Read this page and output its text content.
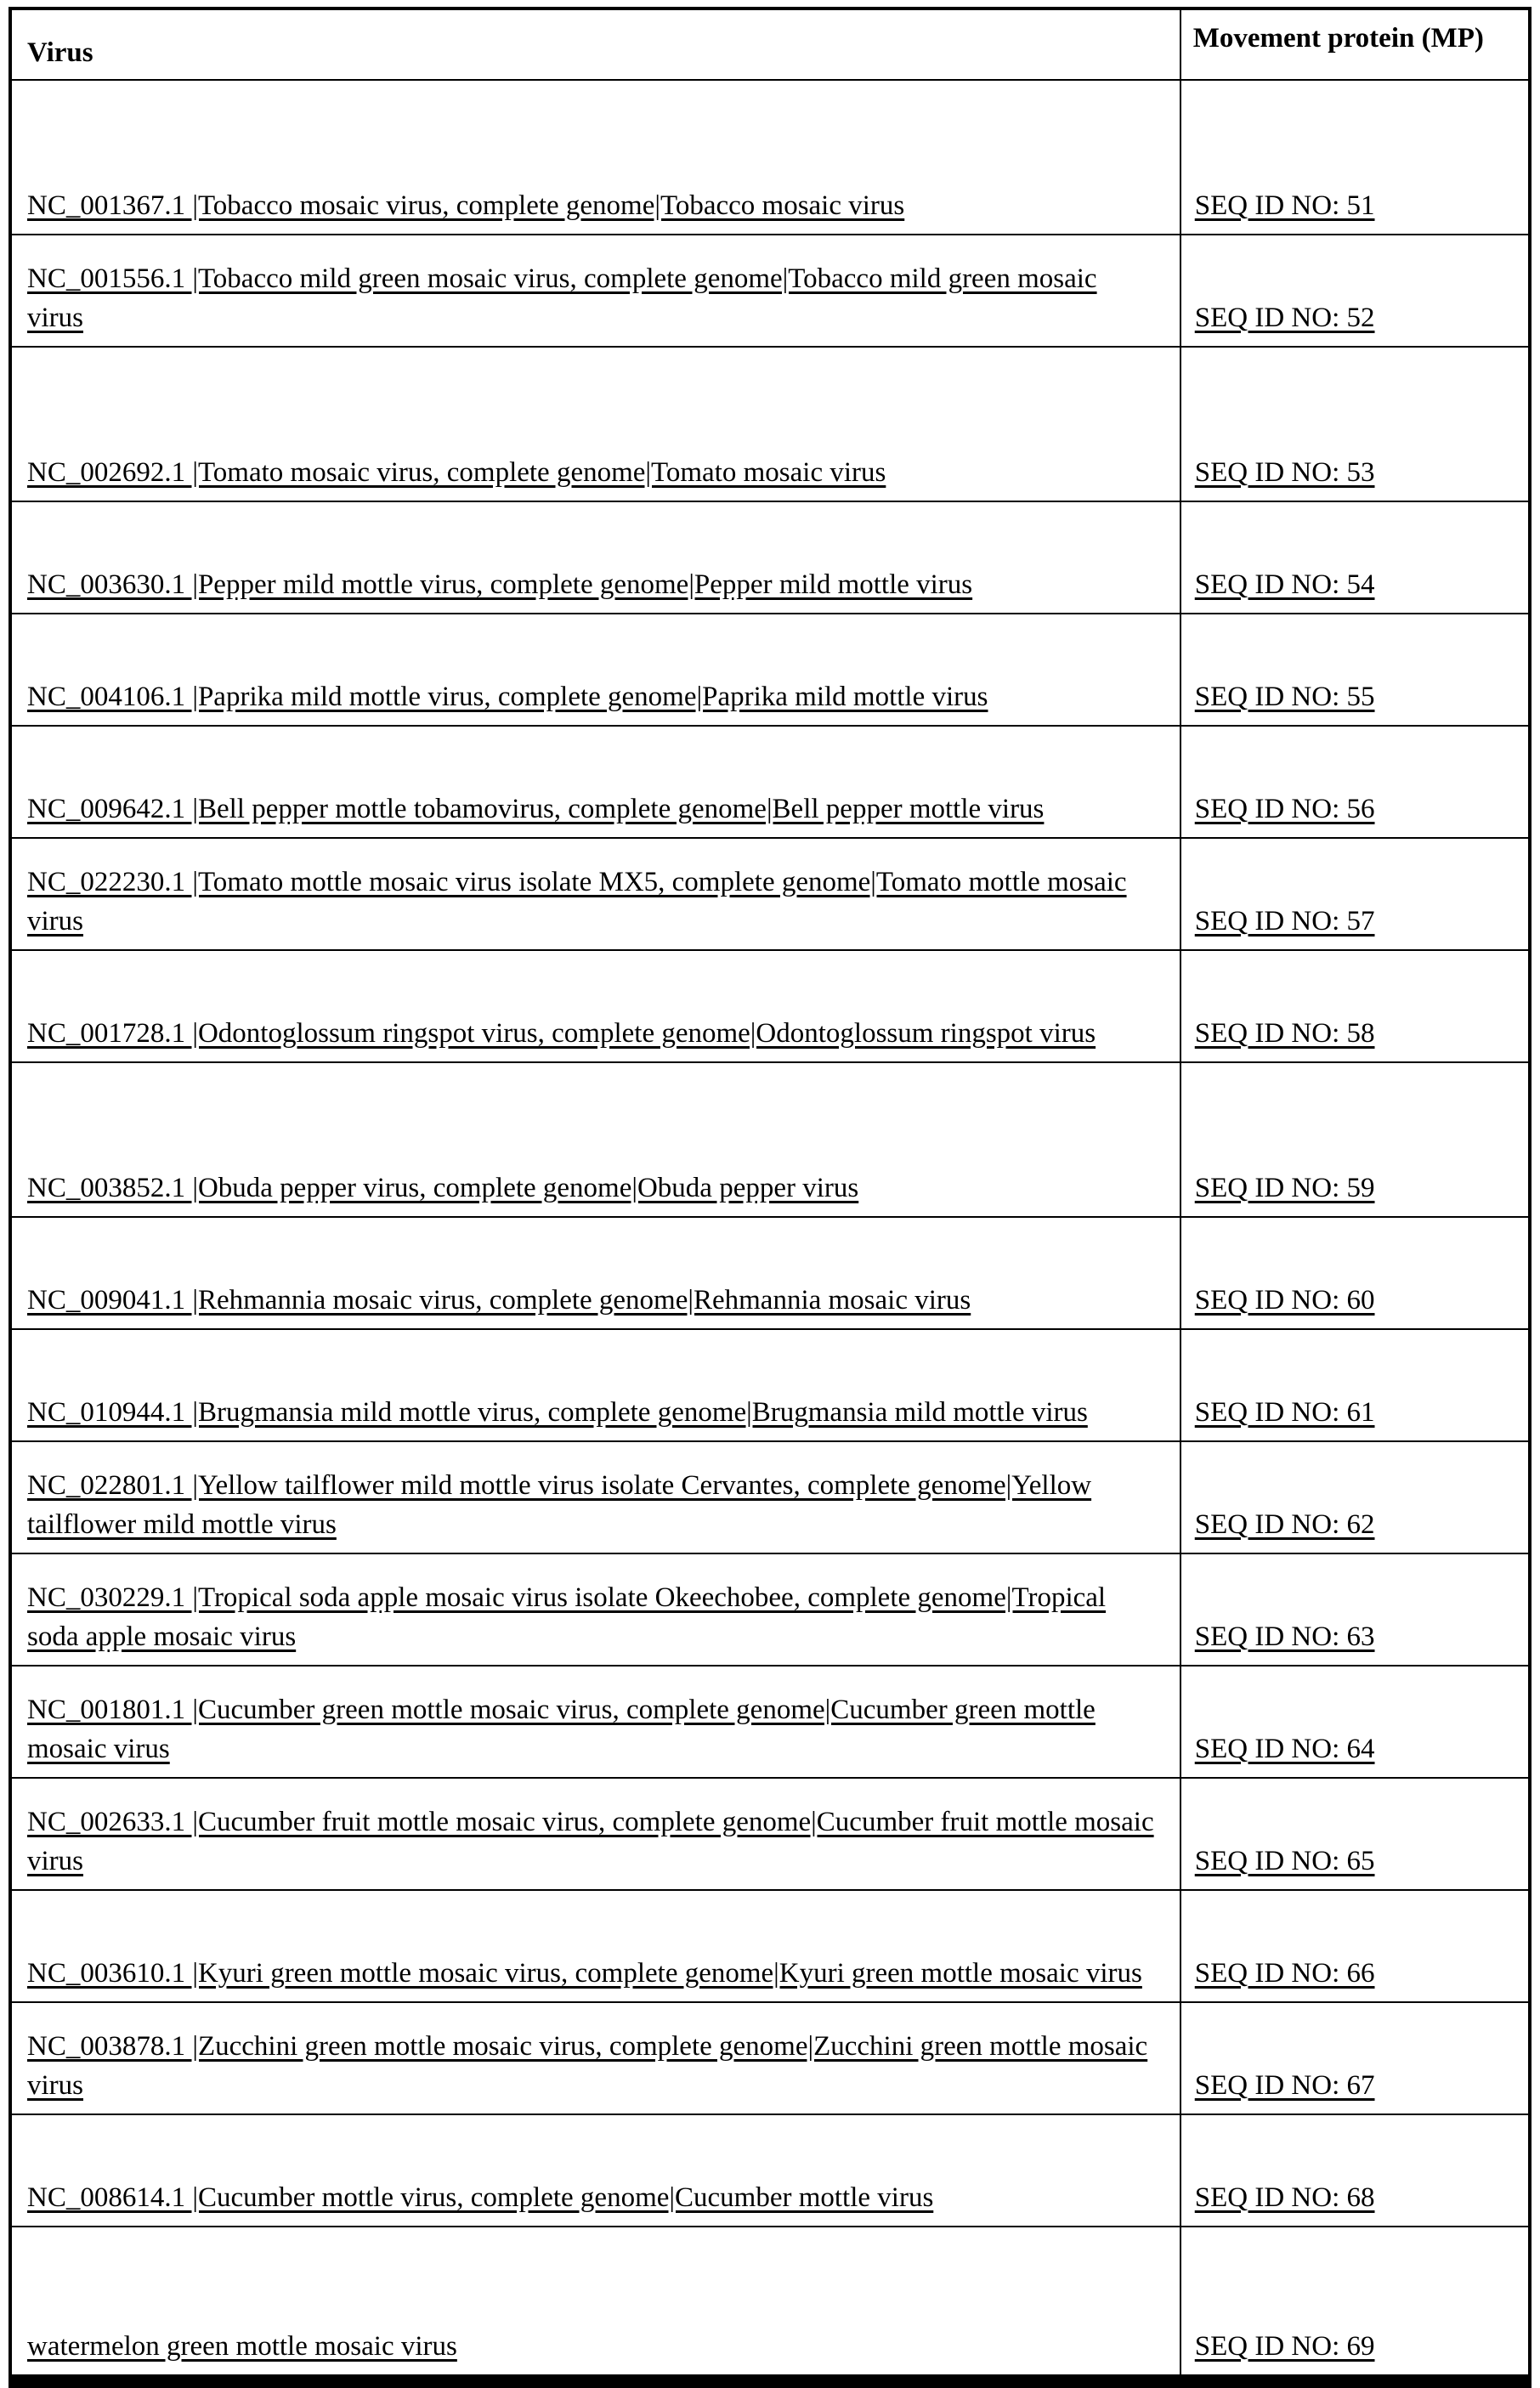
Virus	Movement protein (MP)
NC_001367.1 |Tobacco mosaic virus, complete genome|Tobacco mosaic virus	SEQ ID NO: 51
NC_001556.1 |Tobacco mild green mosaic virus, complete genome|Tobacco mild green mosaic virus	SEQ ID NO: 52
NC_002692.1 |Tomato mosaic virus, complete genome|Tomato mosaic virus	SEQ ID NO: 53
NC_003630.1 |Pepper mild mottle virus, complete genome|Pepper mild mottle virus	SEQ ID NO: 54
NC_004106.1 |Paprika mild mottle virus, complete genome|Paprika mild mottle virus	SEQ ID NO: 55
NC_009642.1 |Bell pepper mottle tobamovirus, complete genome|Bell pepper mottle virus	SEQ ID NO: 56
NC_022230.1 |Tomato mottle mosaic virus isolate MX5, complete genome|Tomato mottle mosaic virus	SEQ ID NO: 57
NC_001728.1 |Odontoglossum ringspot virus, complete genome|Odontoglossum ringspot virus	SEQ ID NO: 58
NC_003852.1 |Obuda pepper virus, complete genome|Obuda pepper virus	SEQ ID NO: 59
NC_009041.1 |Rehmannia mosaic virus, complete genome|Rehmannia mosaic virus	SEQ ID NO: 60
NC_010944.1 |Brugmansia mild mottle virus, complete genome|Brugmansia mild mottle virus	SEQ ID NO: 61
NC_022801.1 |Yellow tailflower mild mottle virus isolate Cervantes, complete genome|Yellow tailflower mild mottle virus	SEQ ID NO: 62
NC_030229.1 |Tropical soda apple mosaic virus isolate Okeechobee, complete genome|Tropical soda apple mosaic virus	SEQ ID NO: 63
NC_001801.1 |Cucumber green mottle mosaic virus, complete genome|Cucumber green mottle mosaic virus	SEQ ID NO: 64
NC_002633.1 |Cucumber fruit mottle mosaic virus, complete genome|Cucumber fruit mottle mosaic virus	SEQ ID NO: 65
NC_003610.1 |Kyuri green mottle mosaic virus, complete genome|Kyuri green mottle mosaic virus	SEQ ID NO: 66
NC_003878.1 |Zucchini green mottle mosaic virus, complete genome|Zucchini green mottle mosaic virus	SEQ ID NO: 67
NC_008614.1 |Cucumber mottle virus, complete genome|Cucumber mottle virus	SEQ ID NO: 68
watermelon green mottle mosaic virus	SEQ ID NO: 69
